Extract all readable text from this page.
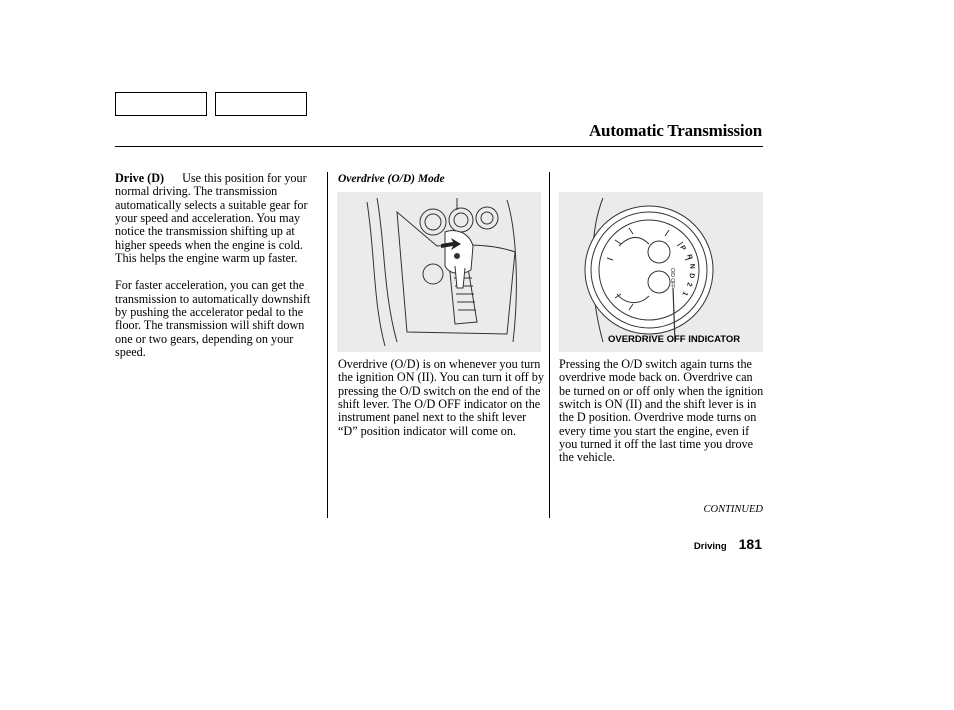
Automatic Transmission

Drive (D) Use this position for your normal driving. The transmission automatically selects a suitable gear for your speed and acceleration. You may notice the transmission shifting up at higher speeds when the engine is cold. This helps the engine warm up faster.

For faster acceleration, you can get the transmission to automatically downshift by pushing the accelerator pedal to the floor. The transmission will shift down one or two gears, depending on your speed.

Overdrive (O/D) Mode
P
R
N
D
2
1
O/D OFF
OVERDRIVE OFF INDICATOR

Overdrive (O/D) is on whenever you turn the ignition ON (II). You can turn it off by pressing the O/D switch on the end of the shift lever. The O/D OFF indicator on the instrument panel next to the shift lever “D” position indicator will come on.

Pressing the O/D switch again turns the overdrive mode back on. Overdrive can be turned on or off only when the ignition switch is ON (II) and the shift lever is in the D position. Overdrive mode turns on every time you start the engine, even if you turned it off the last time you drove the vehicle.

CONTINUED
Driving 181
